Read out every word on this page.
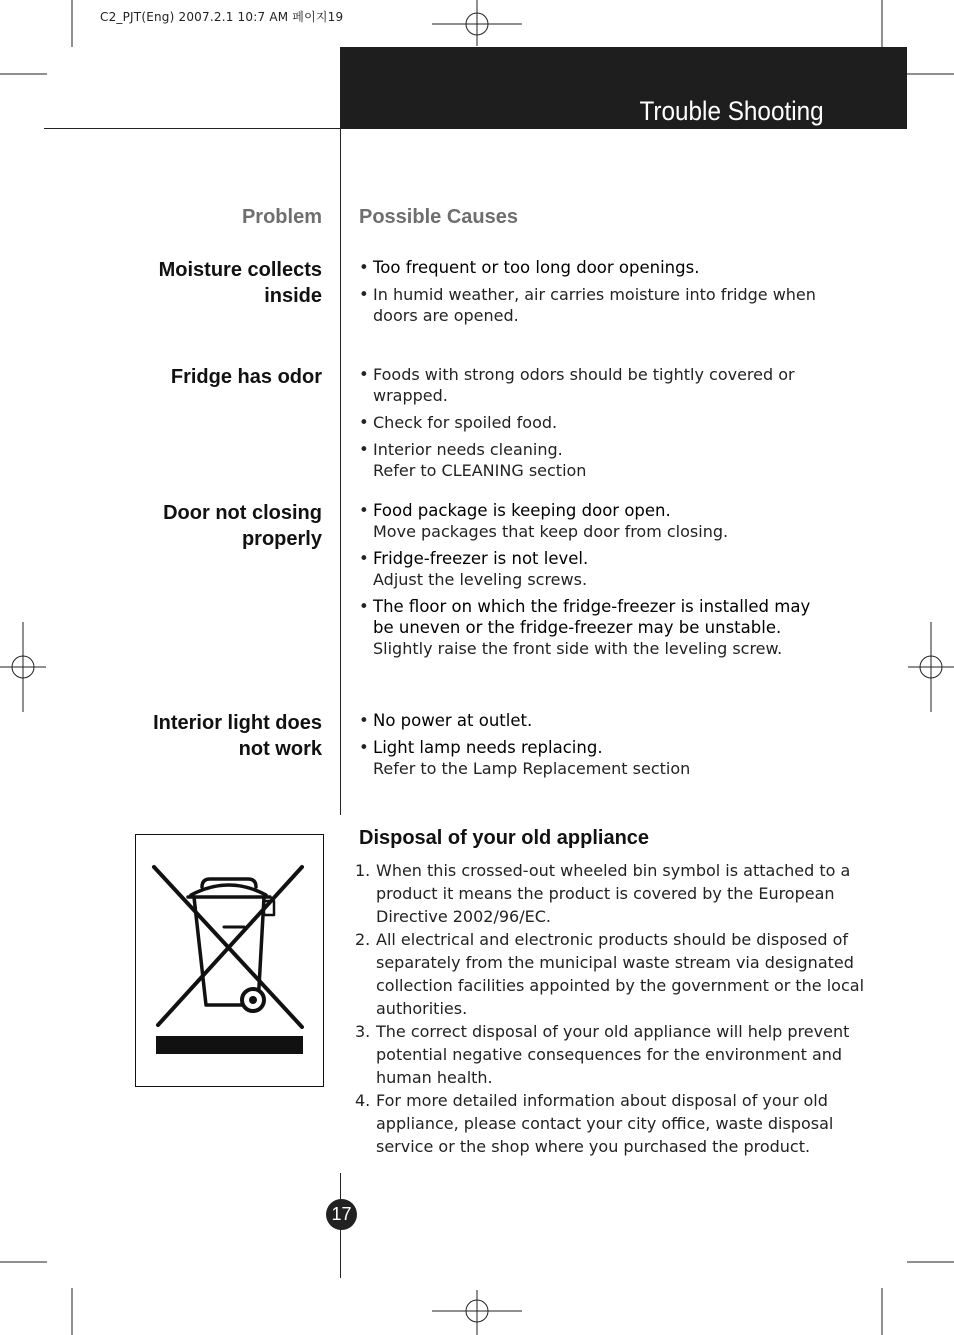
C2_PJT(Eng) 2007.2.1 10:7 AM 페이지19
Trouble Shooting
Problem Possible Causes
Moisture collects
inside
• Too frequent or too long door openings.
• In humid weather, air carries moisture into fridge when doors are opened.
Fridge has odor • Foods with strong odors should be tightly covered or wrapped.
• Check for spoiled food.
• Interior needs cleaning.
Refer to CLEANING section
Door not closing
properly
• Food package is keeping door open.
Move packages that keep door from closing.
• Fridge-freezer is not level.
Adjust the leveling screws.
• The floor on which the fridge-freezer is installed may be uneven or the fridge-freezer may be unstable.
Slightly raise the front side with the leveling screw.
Interior light does
not work
• No power at outlet.
• Light lamp needs replacing.
Refer to the Lamp Replacement section
Disposal of your old appliance
1. When this crossed-out wheeled bin symbol is attached to a product it means the product is covered by the European Directive 2002/96/EC.
2. All electrical and electronic products should be disposed of separately from the municipal waste stream via designated collection facilities appointed by the government or the local authorities.
3. The correct disposal of your old appliance will help prevent potential negative consequences for the environment and human health.
4. For more detailed information about disposal of your old appliance, please contact your city office, waste disposal service or the shop where you purchased the product.
17
